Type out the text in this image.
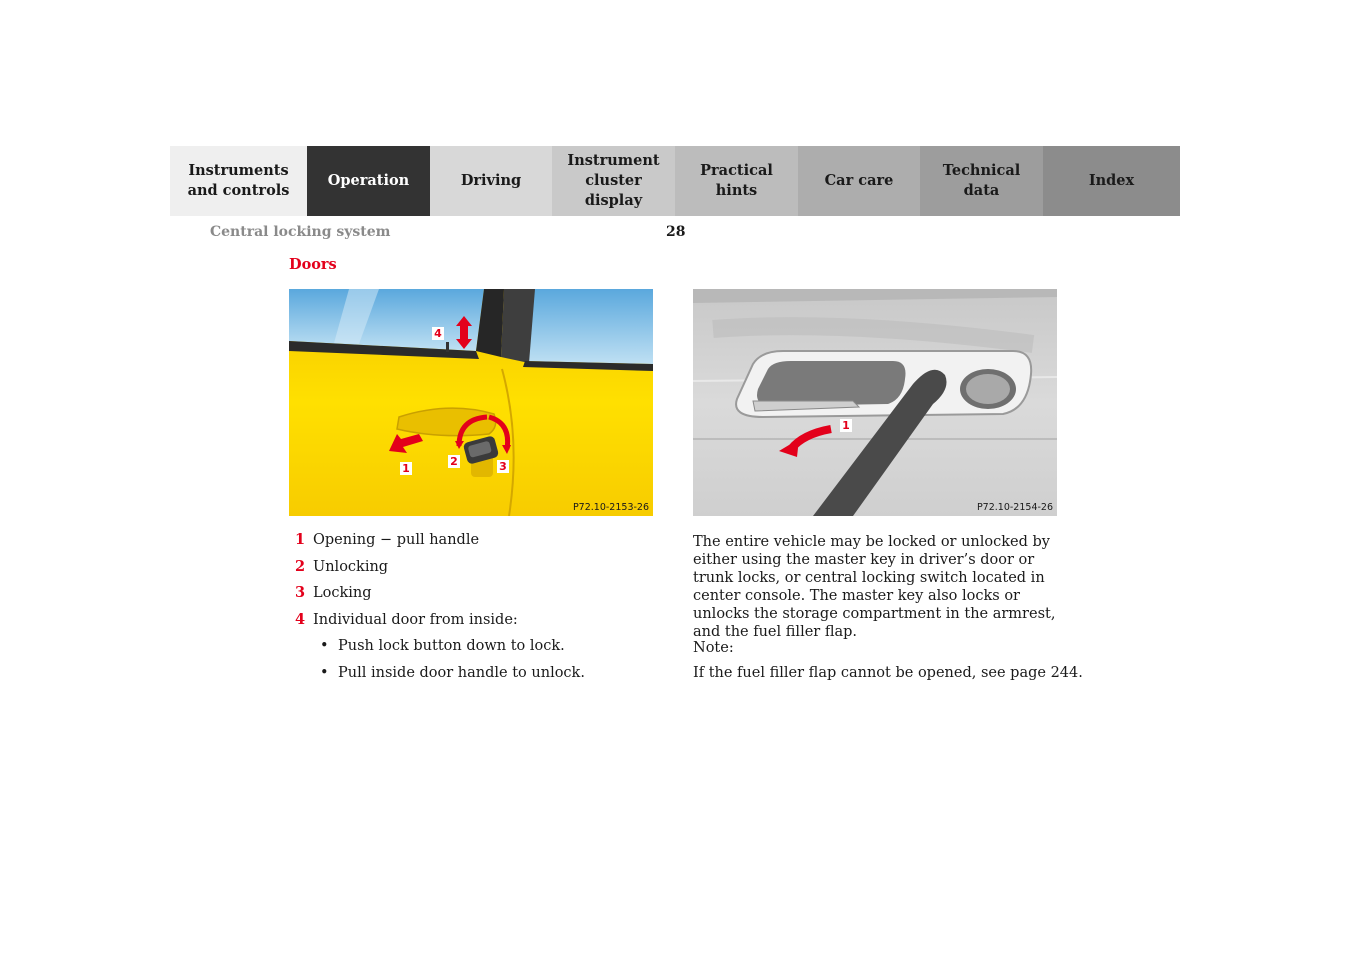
Instruments
and controls
Operation	Driving
Instrument
cluster display
Practical hints
Car care
Technical
data
Index
Central locking system	28
Doors
1
2	3
4
P72.10-2153-26
1
P72.10-2154-26
1 Opening − pull handle
2 Unlocking
3 Locking
4 Individual door from inside:
• Push lock button down to lock.
• Pull inside door handle to unlock.
The entire vehicle may be locked or unlocked by either using the master key in driver’s door or trunk locks, or central locking switch located in center console. The master key also locks or unlocks the storage compartment in the armrest, and the fuel filler flap.
Note:
If the fuel filler flap cannot be opened, see page 244.
